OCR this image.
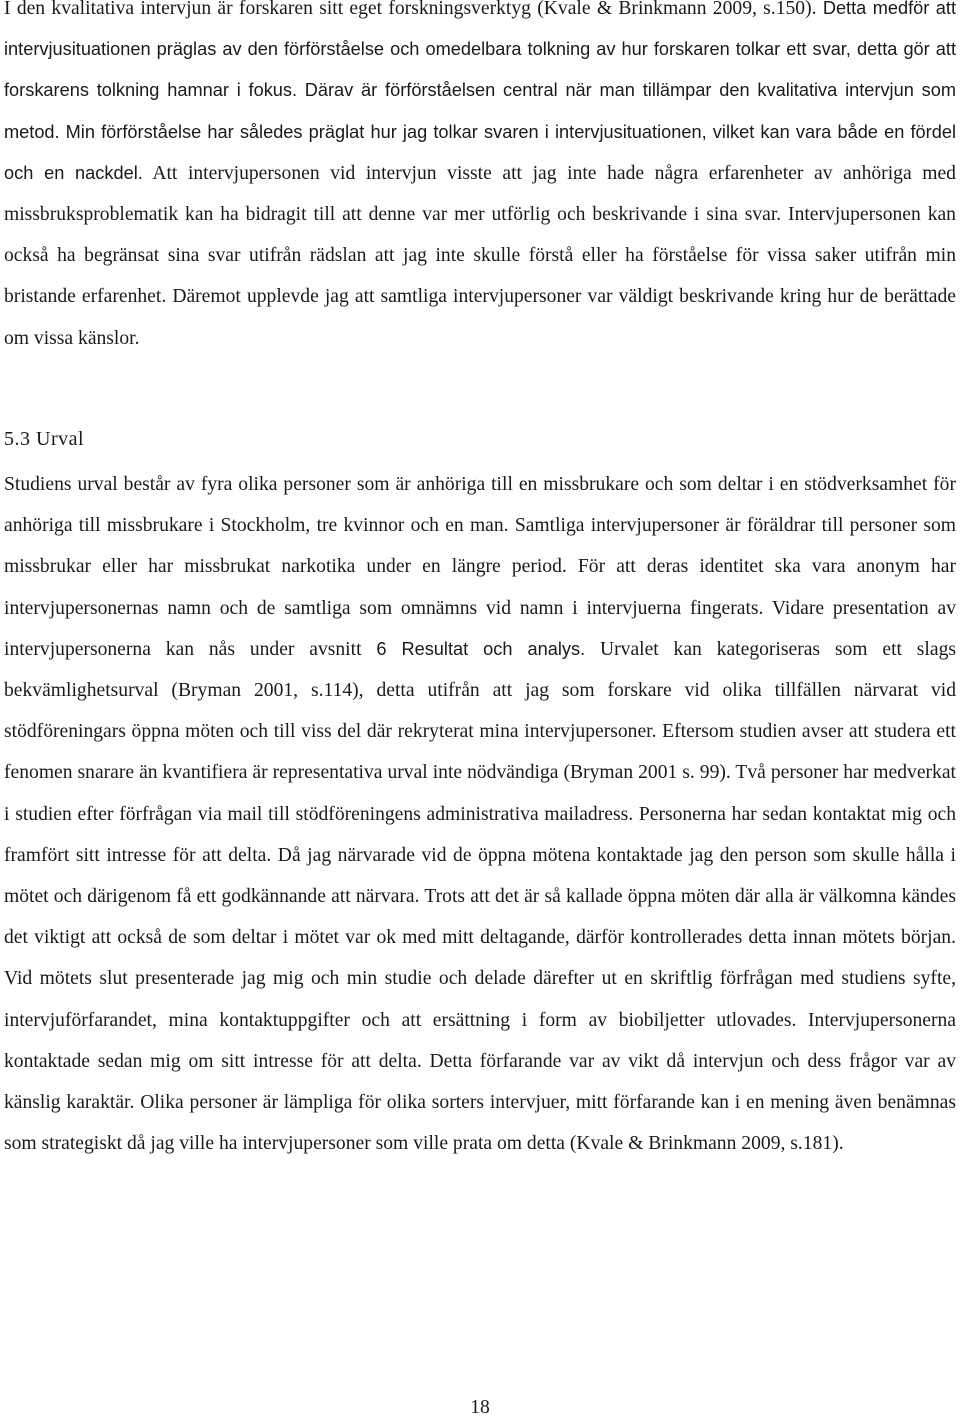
I den kvalitativa intervjun är forskaren sitt eget forskningsverktyg (Kvale & Brinkmann 2009, s.150). Detta medför att intervjusituationen präglas av den förförståelse och omedelbara tolkning av hur forskaren tolkar ett svar, detta gör att forskarens tolkning hamnar i fokus. Därav är förförståelsen central när man tillämpar den kvalitativa intervjun som metod. Min förförståelse har således präglat hur jag tolkar svaren i intervjusituationen, vilket kan vara både en fördel och en nackdel. Att intervjupersonen vid intervjun visste att jag inte hade några erfarenheter av anhöriga med missbruksproblematik kan ha bidragit till att denne var mer utförlig och beskrivande i sina svar. Intervjupersonen kan också ha begränsat sina svar utifrån rädslan att jag inte skulle förstå eller ha förståelse för vissa saker utifrån min bristande erfarenhet. Däremot upplevde jag att samtliga intervjupersoner var väldigt beskrivande kring hur de berättade om vissa känslor.

5.3 Urval

Studiens urval består av fyra olika personer som är anhöriga till en missbrukare och som deltar i en stödverksamhet för anhöriga till missbrukare i Stockholm, tre kvinnor och en man. Samtliga intervjupersoner är föräldrar till personer som missbrukar eller har missbrukat narkotika under en längre period. För att deras identitet ska vara anonym har intervjupersonernas namn och de samtliga som omnämns vid namn i intervjuerna fingerats. Vidare presentation av intervjupersonerna kan nås under avsnitt 6 Resultat och analys. Urvalet kan kategoriseras som ett slags bekvämlighetsurval (Bryman 2001, s.114), detta utifrån att jag som forskare vid olika tillfällen närvarat vid stödföreningars öppna möten och till viss del där rekryterat mina intervjupersoner. Eftersom studien avser att studera ett fenomen snarare än kvantifiera är representativa urval inte nödvändiga (Bryman 2001 s. 99). Två personer har medverkat i studien efter förfrågan via mail till stödföreningens administrativa mailadress. Personerna har sedan kontaktat mig och framfört sitt intresse för att delta. Då jag närvarade vid de öppna mötena kontaktade jag den person som skulle hålla i mötet och därigenom få ett godkännande att närvara. Trots att det är så kallade öppna möten där alla är välkomna kändes det viktigt att också de som deltar i mötet var ok med mitt deltagande, därför kontrollerades detta innan mötets början. Vid mötets slut presenterade jag mig och min studie och delade därefter ut en skriftlig förfrågan med studiens syfte, intervjuförfarandet, mina kontaktuppgifter och att ersättning i form av biobiljetter utlovades. Intervjupersonerna kontaktade sedan mig om sitt intresse för att delta. Detta förfarande var av vikt då intervjun och dess frågor var av känslig karaktär. Olika personer är lämpliga för olika sorters intervjuer, mitt förfarande kan i en mening även benämnas som strategiskt då jag ville ha intervjupersoner som ville prata om detta (Kvale & Brinkmann 2009, s.181).

18
